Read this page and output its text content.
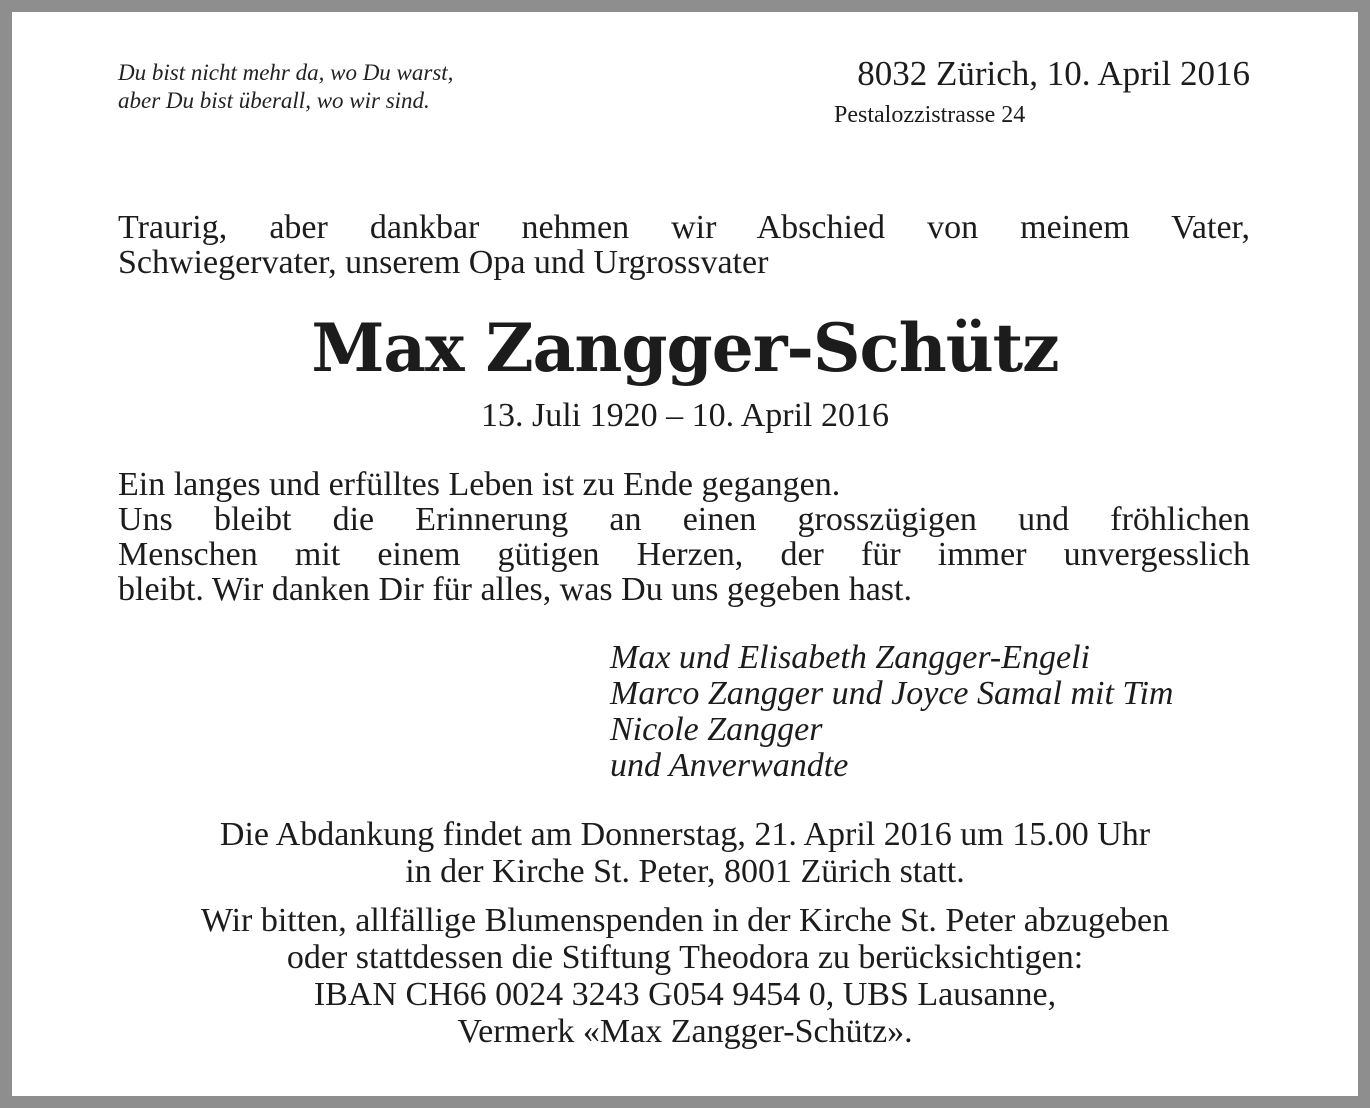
Du bist nicht mehr da, wo Du warst,
aber Du bist überall, wo wir sind.
8032 Zürich, 10. April 2016
Pestalozzistrasse 24
Traurig, aber dankbar nehmen wir Abschied von meinem Vater,
Schwiegervater, unserem Opa und Urgrossvater
Max Zangger-Schütz
13. Juli 1920 – 10. April 2016
Ein langes und erfülltes Leben ist zu Ende gegangen.
Uns bleibt die Erinnerung an einen grosszügigen und fröhlichen
Menschen mit einem gütigen Herzen, der für immer unvergesslich
bleibt. Wir danken Dir für alles, was Du uns gegeben hast.
Max und Elisabeth Zangger-Engeli
Marco Zangger und Joyce Samal mit Tim
Nicole Zangger
und Anverwandte
Die Abdankung findet am Donnerstag, 21. April 2016 um 15.00 Uhr
in der Kirche St. Peter, 8001 Zürich statt.
Wir bitten, allfällige Blumenspenden in der Kirche St. Peter abzugeben
oder stattdessen die Stiftung Theodora zu berücksichtigen:
IBAN CH66 0024 3243 G054 9454 0, UBS Lausanne,
Vermerk «Max Zangger-Schütz».
